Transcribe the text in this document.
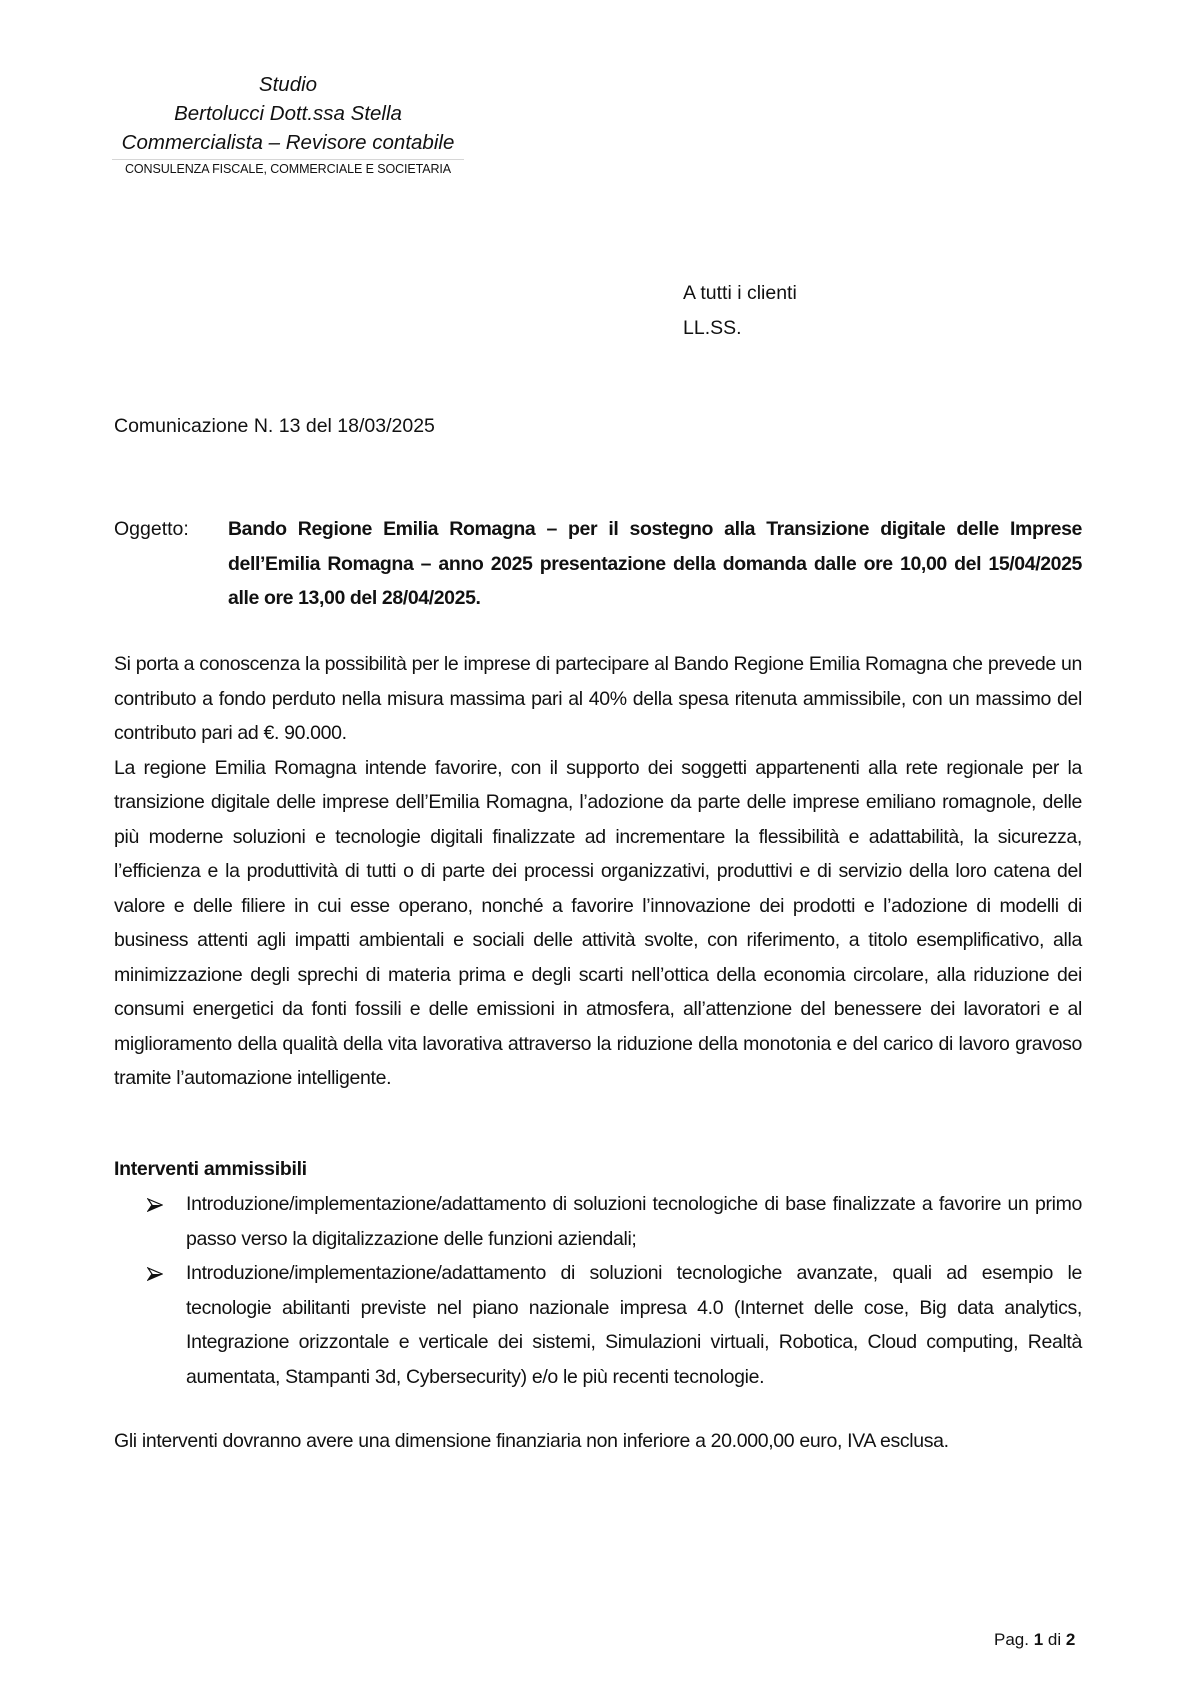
Studio
Bertolucci Dott.ssa Stella
Commercialista – Revisore contabile
CONSULENZA FISCALE, COMMERCIALE E SOCIETARIA
A tutti i clienti
LL.SS.
Comunicazione N. 13 del 18/03/2025
Oggetto: Bando Regione Emilia Romagna – per il sostegno alla Transizione digitale delle Imprese dell’Emilia Romagna – anno 2025 presentazione della domanda dalle ore 10,00 del 15/04/2025 alle ore 13,00 del 28/04/2025.

Si porta a conoscenza la possibilità per le imprese di partecipare al Bando Regione Emilia Romagna che prevede un contributo a fondo perduto nella misura massima pari al 40% della spesa ritenuta ammissibile, con un massimo del contributo pari ad €. 90.000.

La regione Emilia Romagna intende favorire, con il supporto dei soggetti appartenenti alla rete regionale per la transizione digitale delle imprese dell’Emilia Romagna, l’adozione da parte delle imprese emiliano romagnole, delle più moderne soluzioni e tecnologie digitali finalizzate ad incrementare la flessibilità e adattabilità, la sicurezza, l’efficienza e la produttività di tutti o di parte dei processi organizzativi, produttivi e di servizio della loro catena del valore e delle filiere in cui esse operano, nonché a favorire l’innovazione dei prodotti e l’adozione di modelli di business attenti agli impatti ambientali e sociali delle attività svolte, con riferimento, a titolo esemplificativo, alla minimizzazione degli sprechi di materia prima e degli scarti nell’ottica della economia circolare, alla riduzione dei consumi energetici da fonti fossili e delle emissioni in atmosfera, all’attenzione del benessere dei lavoratori e al miglioramento della qualità della vita lavorativa attraverso la riduzione della monotonia e del carico di lavoro gravoso tramite l’automazione intelligente.

Interventi ammissibili
Introduzione/implementazione/adattamento di soluzioni tecnologiche di base finalizzate a favorire un primo passo verso la digitalizzazione delle funzioni aziendali;
Introduzione/implementazione/adattamento di soluzioni tecnologiche avanzate, quali ad esempio le tecnologie abilitanti previste nel piano nazionale impresa 4.0 (Internet delle cose, Big data analytics, Integrazione orizzontale e verticale dei sistemi, Simulazioni virtuali, Robotica, Cloud computing, Realtà aumentata, Stampanti 3d, Cybersecurity) e/o le più recenti tecnologie.
Gli interventi dovranno avere una dimensione finanziaria non inferiore a 20.000,00 euro, IVA esclusa.
Pag. 1 di 2
